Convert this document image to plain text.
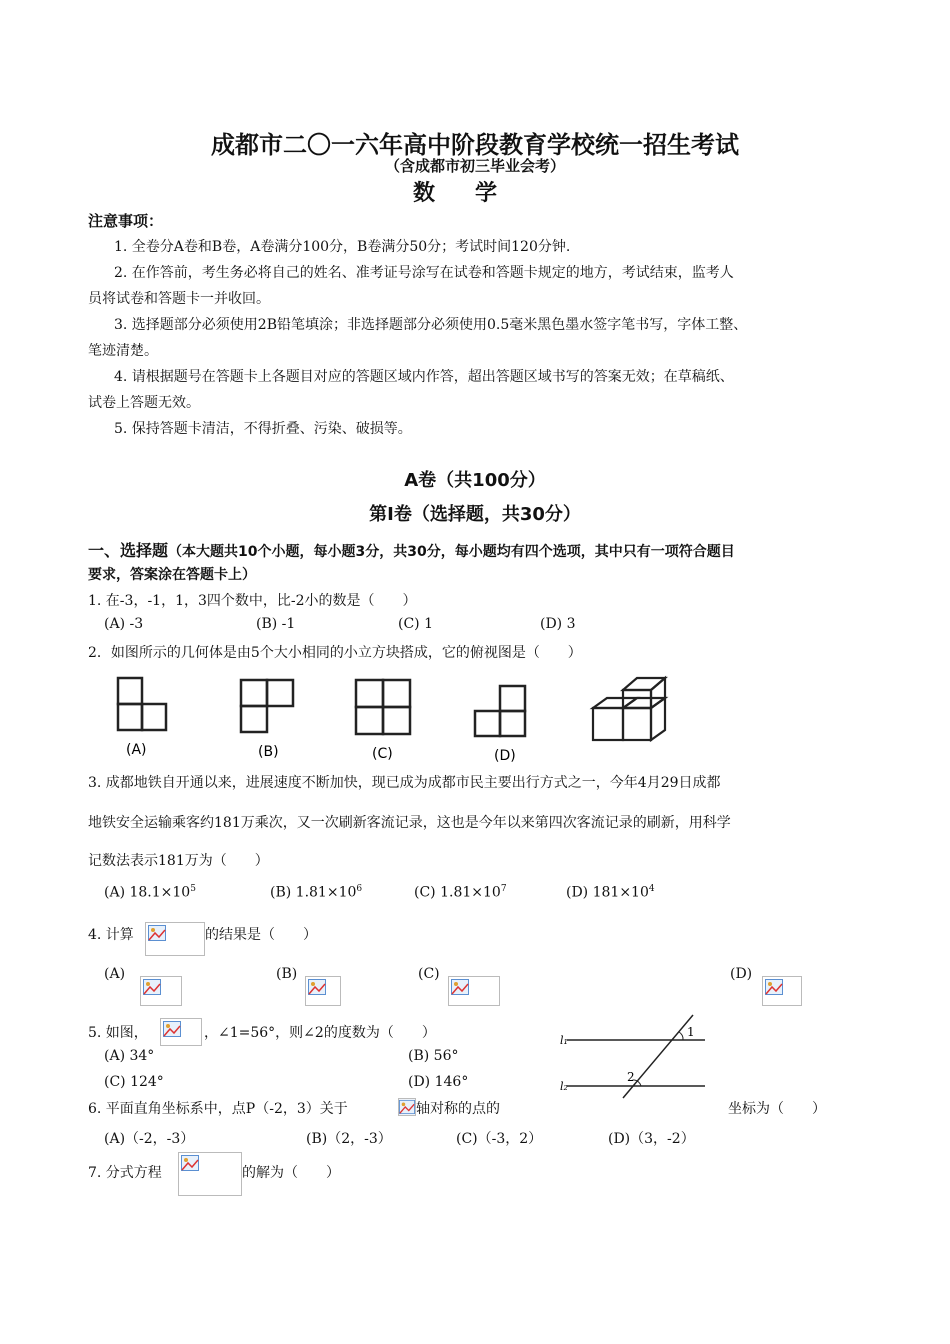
成都市二〇一六年高中阶段教育学校统一招生考试
（含成都市初三毕业会考）
数学
注意事项：
1. 全卷分A卷和B卷，A卷满分100分，B卷满分50分；考试时间120分钟.
2. 在作答前，考生务必将自己的姓名、准考证号涂写在试卷和答题卡规定的地方，考试结束，监考人
员将试卷和答题卡一并收回。
3. 选择题部分必须使用2B铅笔填涂；非选择题部分必须使用0.5毫米黑色墨水签字笔书写，字体工整、
笔迹清楚。
4. 请根据题号在答题卡上各题目对应的答题区域内作答，超出答题区域书写的答案无效；在草稿纸、
试卷上答题无效。
5. 保持答题卡清洁，不得折叠、污染、破损等。
A卷（共100分）
第Ⅰ卷（选择题，共30分）
一、选择题（本大题共10个小题，每小题3分，共30分，每小题均有四个选项，其中只有一项符合题目
要求，答案涂在答题卡上）
1. 在-3，-1，1，3四个数中，比-2小的数是（　　）
(A) -3	(B) -1	(C) 1	(D) 3
2．如图所示的几何体是由5个大小相同的小立方块搭成，它的俯视图是（　　）
(A)	(B)	(C)	(D)
3. 成都地铁自开通以来，进展速度不断加快，现已成为成都市民主要出行方式之一，今年4月29日成都
地铁安全运输乘客约181万乘次，又一次刷新客流记录，这也是今年以来第四次客流记录的刷新，用科学
记数法表示181万为（　　）
(A) $18.1\times 10^5$	(B) $1.81\times 10^6$	(C) $1.81\times 10^7$	(D) $181\times 10^4$
4. 计算	的结果是（　　）
(A)	(B)	(C)	(D)
5. 如图，	，∠1=56°，则∠2的度数为（　　）
(A) 34°	(B) 56°
(C) 124°	(D) 146°
l₁
l₂
1
2
6. 平面直角坐标系中，点P（-2，3）关于	轴对称的点的	坐标为（　　）
(A)（-2，-3）	(B)（2，-3）	(C)（-3，2）	(D)（3，-2）
7. 分式方程	的解为（　　）
